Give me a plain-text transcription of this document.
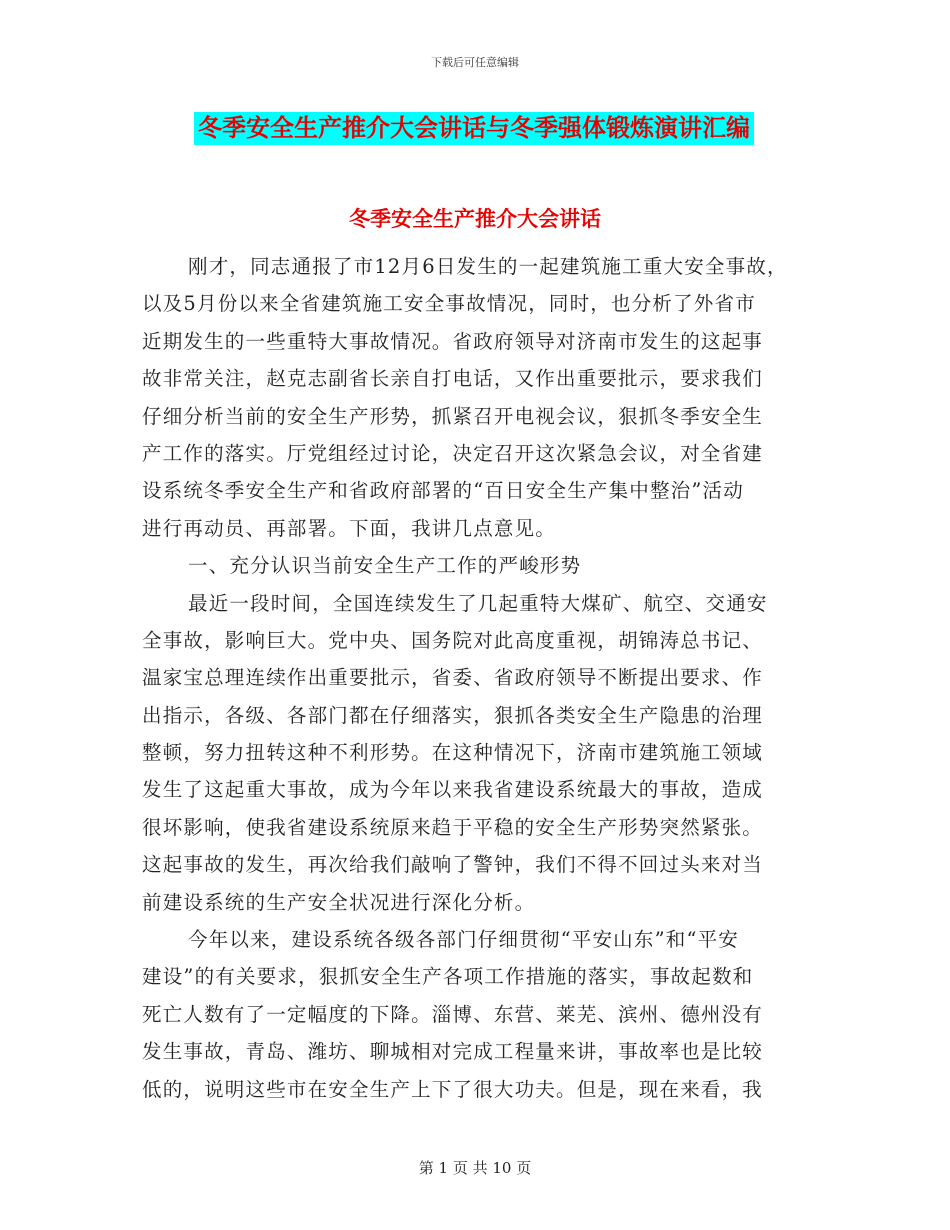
下载后可任意编辑
冬季安全生产推介大会讲话与冬季强体锻炼演讲汇编
冬季安全生产推介大会讲话
刚才，同志通报了市12月6日发生的一起建筑施工重大安全事故，
以及5月份以来全省建筑施工安全事故情况，同时，也分析了外省市
近期发生的一些重特大事故情况。省政府领导对济南市发生的这起事
故非常关注，赵克志副省长亲自打电话，又作出重要批示，要求我们
仔细分析当前的安全生产形势，抓紧召开电视会议，狠抓冬季安全生
产工作的落实。厅党组经过讨论，决定召开这次紧急会议，对全省建
设系统冬季安全生产和省政府部署的“百日安全生产集中整治”活动
进行再动员、再部署。下面，我讲几点意见。
一、充分认识当前安全生产工作的严峻形势
最近一段时间，全国连续发生了几起重特大煤矿、航空、交通安
全事故，影响巨大。党中央、国务院对此高度重视，胡锦涛总书记、
温家宝总理连续作出重要批示，省委、省政府领导不断提出要求、作
出指示，各级、各部门都在仔细落实，狠抓各类安全生产隐患的治理
整顿，努力扭转这种不利形势。在这种情况下，济南市建筑施工领域
发生了这起重大事故，成为今年以来我省建设系统最大的事故，造成
很坏影响，使我省建设系统原来趋于平稳的安全生产形势突然紧张。
这起事故的发生，再次给我们敲响了警钟，我们不得不回过头来对当
前建设系统的生产安全状况进行深化分析。
今年以来，建设系统各级各部门仔细贯彻“平安山东”和“平安
建设”的有关要求，狠抓安全生产各项工作措施的落实，事故起数和
死亡人数有了一定幅度的下降。淄博、东营、莱芜、滨州、德州没有
发生事故，青岛、潍坊、聊城相对完成工程量来讲，事故率也是比较
低的，说明这些市在安全生产上下了很大功夫。但是，现在来看，我
第 1 页 共 10 页
